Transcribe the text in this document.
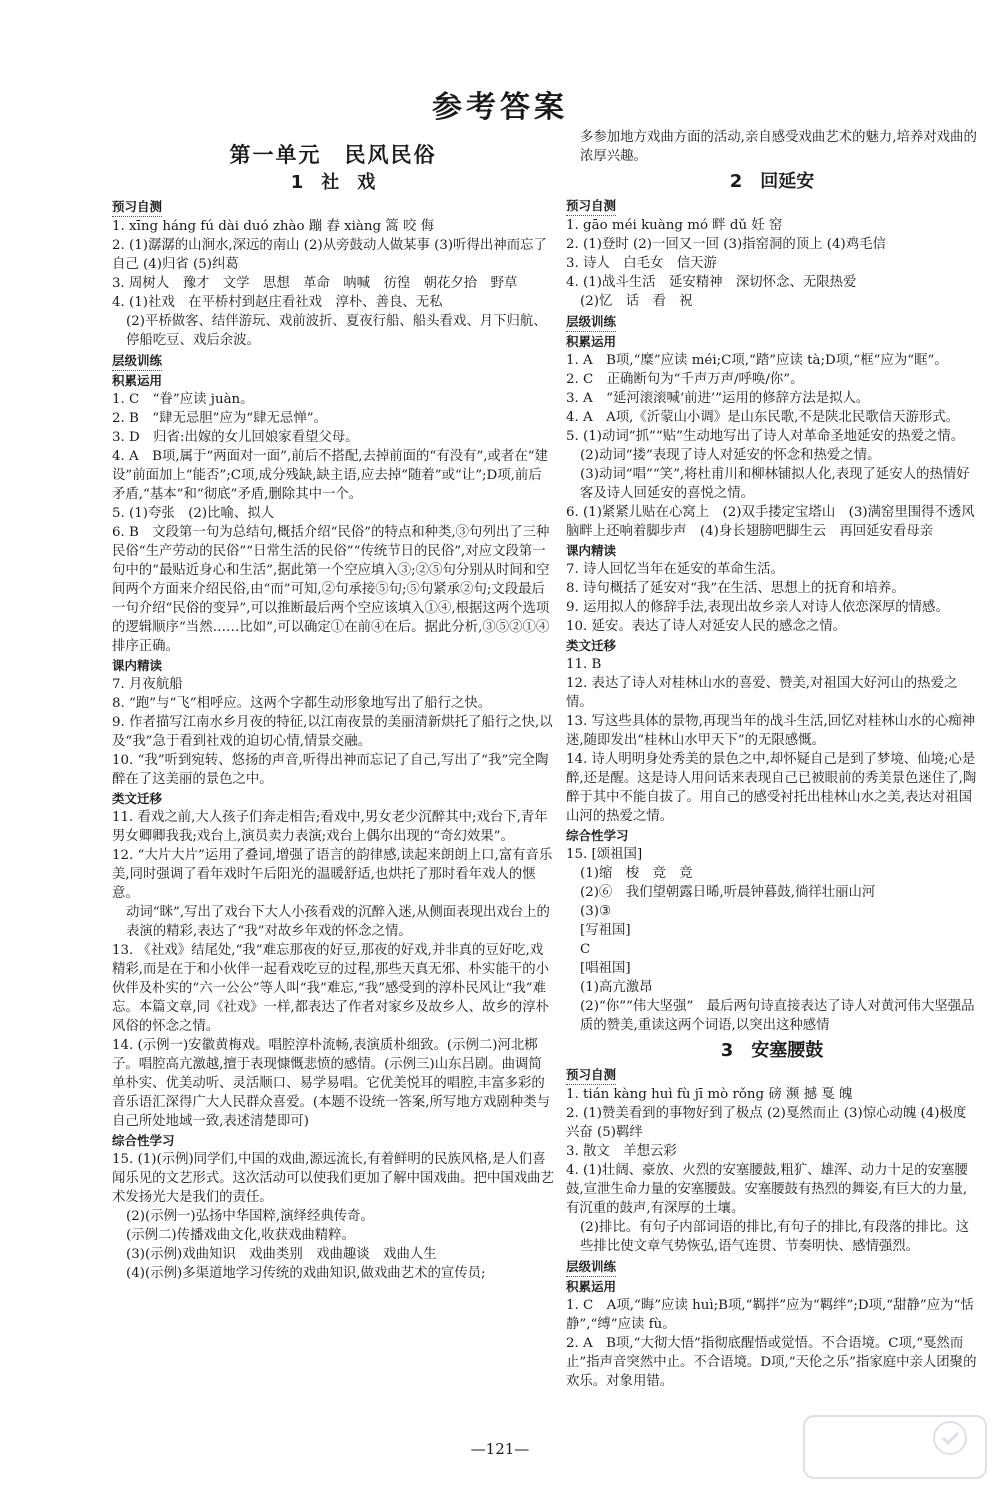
参考答案
第一单元　民风民俗
1　社　戏
预习自测
1. xīng háng fú dài duó zhào 蹦 舂 xiàng 篙 咬 侮
2. (1)潺潺的山涧水,深远的南山 (2)从旁鼓动人做某事 (3)听得出神而忘了自己 (4)归省 (5)纠葛
3. 周树人　豫才　文学　思想　革命　呐喊　彷徨　朝花夕拾　野草
4. (1)社戏　在平桥村到赵庄看社戏　淳朴、善良、无私
(2)平桥做客、结伴游玩、戏前波折、夏夜行船、船头看戏、月下归航、停船吃豆、戏后余波。
层级训练
积累运用
1. C　“眷”应读 juàn。
2. B　“肆无忌胆”应为“肆无忌惮”。
3. D　归省:出嫁的女儿回娘家看望父母。
4. A　B项,属于“两面对一面”,前后不搭配,去掉前面的“有没有”,或者在“建设”前面加上“能否”;C项,成分残缺,缺主语,应去掉“随着”或“让”;D项,前后矛盾,“基本”和“彻底”矛盾,删除其中一个。
5. (1)夸张　(2)比喻、拟人
6. B　文段第一句为总结句,概括介绍“民俗”的特点和种类,③句列出了三种民俗“生产劳动的民俗”“日常生活的民俗”“传统节日的民俗”,对应文段第一句中的“最贴近身心和生活”,据此第一个空应填入③;②⑤句分别从时间和空间两个方面来介绍民俗,由“而”可知,②句承接⑤句;⑤句紧承②句;文段最后一句介绍“民俗的变异”,可以推断最后两个空应该填入①④,根据这两个选项的逻辑顺序“当然……比如”,可以确定①在前④在后。据此分析,③⑤②①④排序正确。
课内精读
7. 月夜航船
8. “跑”与“飞”相呼应。这两个字都生动形象地写出了船行之快。
9. 作者描写江南水乡月夜的特征,以江南夜景的美丽清新烘托了船行之快,以及“我”急于看到社戏的迫切心情,情景交融。
10. “我”听到宛转、悠扬的声音,听得出神而忘记了自己,写出了“我”完全陶醉在了这美丽的景色之中。
类文迁移
11. 看戏之前,大人孩子们奔走相告;看戏中,男女老少沉醉其中;戏台下,青年男女卿卿我我;戏台上,演员卖力表演;戏台上偶尔出现的“奇幻效果”。
12. “大片大片”运用了叠词,增强了语言的韵律感,读起来朗朗上口,富有音乐美,同时强调了看年戏时午后阳光的温暖舒适,也烘托了那时看年戏人的惬意。
动词“眯”,写出了戏台下大人小孩看戏的沉醉入迷,从侧面表现出戏台上的表演的精彩,表达了“我”对故乡年戏的怀念之情。
13. 《社戏》结尾处,“我”难忘那夜的好豆,那夜的好戏,并非真的豆好吃,戏精彩,而是在于和小伙伴一起看戏吃豆的过程,那些天真无邪、朴实能干的小伙伴及朴实的“六一公公”等人叫“我”难忘,“我”感受到的淳朴民风让“我”难忘。本篇文章,同《社戏》一样,都表达了作者对家乡及故乡人、故乡的淳朴风俗的怀念之情。
14. (示例一)安徽黄梅戏。唱腔淳朴流畅,表演质朴细致。(示例二)河北梆子。唱腔高亢激越,擅于表现慷慨悲愤的感情。(示例三)山东吕剧。曲调简单朴实、优美动听、灵活顺口、易学易唱。它优美悦耳的唱腔,丰富多彩的音乐语汇深得广大人民群众喜爱。(本题不设统一答案,所写地方戏剧种类与自己所处地域一致,表述清楚即可)
综合性学习
15. (1)(示例)同学们,中国的戏曲,源远流长,有着鲜明的民族风格,是人们喜闻乐见的文艺形式。这次活动可以使我们更加了解中国戏曲。把中国戏曲艺术发扬光大是我们的责任。
(2)(示例一)弘扬中华国粹,演绎经典传奇。
(示例二)传播戏曲文化,收获戏曲精粹。
(3)(示例)戏曲知识　戏曲类别　戏曲趣谈　戏曲人生
(4)(示例)多渠道地学习传统的戏曲知识,做戏曲艺术的宣传员;
多参加地方戏曲方面的活动,亲自感受戏曲艺术的魅力,培养对戏曲的浓厚兴趣。
2　回延安
预习自测
1. gāo méi kuàng mó 畔 dǔ 妊 窑
2. (1)登时 (2)一回又一回 (3)指窑洞的顶上 (4)鸡毛信
3. 诗人　白毛女　信天游
4. (1)战斗生活　延安精神　深切怀念、无限热爱
(2)忆　话　看　祝
层级训练
积累运用
1. A　B项,“糜”应读 méi;C项,“踏”应读 tà;D项,“框”应为“眶”。
2. C　正确断句为“千声万声/呼唤/你”。
3. A　“延河滚滚喊‘前进’”运用的修辞方法是拟人。
4. A　A项,《沂蒙山小调》是山东民歌,不是陕北民歌信天游形式。
5. (1)动词“抓”“贴”生动地写出了诗人对革命圣地延安的热爱之情。
(2)动词“搂”表现了诗人对延安的怀念和热爱之情。
(3)动词“唱”“笑”,将杜甫川和柳林铺拟人化,表现了延安人的热情好客及诗人回延安的喜悦之情。
6. (1)紧紧儿贴在心窝上　(2)双手搂定宝塔山　(3)满窑里围得不透风　脑畔上还响着脚步声　(4)身长翅膀吧脚生云　再回延安看母亲
课内精读
7. 诗人回忆当年在延安的革命生活。
8. 诗句概括了延安对“我”在生活、思想上的抚育和培养。
9. 运用拟人的修辞手法,表现出故乡亲人对诗人依恋深厚的情感。
10. 延安。表达了诗人对延安人民的感念之情。
类文迁移
11. B
12. 表达了诗人对桂林山水的喜爱、赞美,对祖国大好河山的热爱之情。
13. 写这些具体的景物,再现当年的战斗生活,回忆对桂林山水的心痴神迷,随即发出“桂林山水甲天下”的无限感慨。
14. 诗人明明身处秀美的景色之中,却怀疑自己是到了梦境、仙境;心是醉,还是醒。这是诗人用问话来表现自己已被眼前的秀美景色迷住了,陶醉于其中不能自拔了。用自己的感受衬托出桂林山水之美,表达对祖国山河的热爱之情。
综合性学习
15. [颂祖国]
(1)缩　梭　竞　竞
(2)⑥　我们望朝露日晞,听晨钟暮鼓,徜徉壮丽山河
(3)③
[写祖国]
C
[唱祖国]
(1)高亢激昂
(2)“你”“伟大坚强”　最后两句诗直接表达了诗人对黄河伟大坚强品质的赞美,重读这两个词语,以突出这种感情
3　安塞腰鼓
预习自测
1. tián kàng huì fù jī mò rǒng 磅 濒 撼 戛 魄
2. (1)赞美看到的事物好到了极点 (2)戛然而止 (3)惊心动魄 (4)极度兴奋 (5)羁绊
3. 散文　羊想云彩
4. (1)壮阔、豪放、火烈的安塞腰鼓,粗犷、雄浑、动力十足的安塞腰鼓,宣泄生命力量的安塞腰鼓。安塞腰鼓有热烈的舞姿,有巨大的力量,有沉重的鼓声,有深厚的土壤。
(2)排比。有句子内部词语的排比,有句子的排比,有段落的排比。这些排比使文章气势恢弘,语气连贯、节奏明快、感情强烈。
层级训练
积累运用
1. C　A项,“晦”应读 huì;B项,“羁拌”应为“羁绊”;D项,“甜静”应为“恬静”,“缚”应读 fù。
2. A　B项,“大彻大悟”指彻底醒悟或觉悟。不合语境。C项,“戛然而止”指声音突然中止。不合语境。D项,“天伦之乐”指家庭中亲人团聚的欢乐。对象用错。
—121—
